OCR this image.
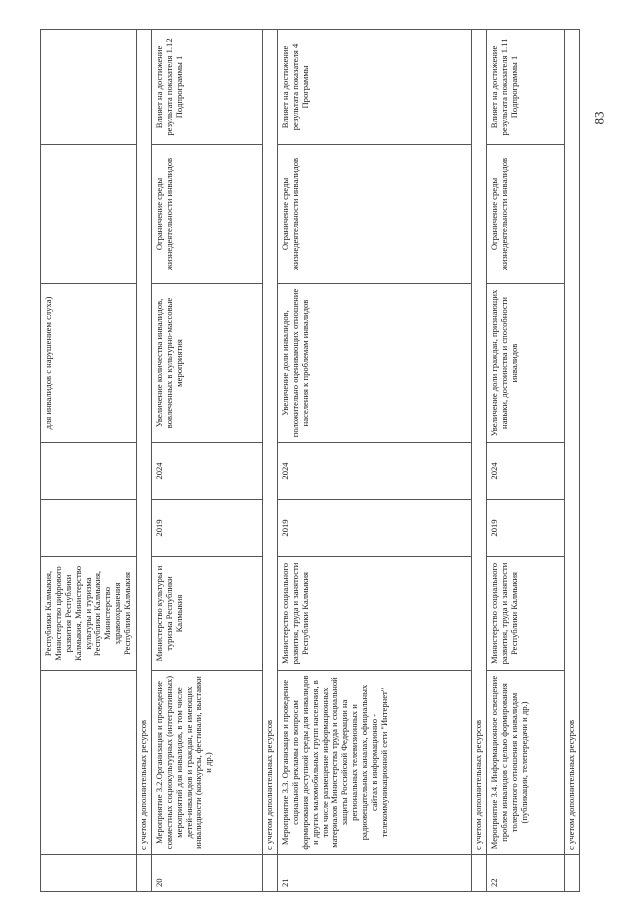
83
		Республики Калмыкия, Министерство цифрового развития Республики Калмыкия, Министерство культуры и туризма Республики Калмыкия, Министерство здравоохранения Республики Калмыкия			для инвалидов с нарушением слуха)		
	с учетом дополнительных ресурсов						
20	Мероприятие 3.2.Организация и проведение совместных социокультурных (интегративных) мероприятий для инвалидов, в том числе детей-инвалидов и граждан, не имеющих инвалидности (конкурсы, фестивали, выставки и др.)	Министерство культуры и туризма Республики Калмыкия	2019	2024	Увеличение количества инвалидов, вовлеченных в культурно-массовые мероприятия	Ограничение среды жизнедеятельности инвалидов	Влияет на достижение результата показателя 1.12 Подпрограммы 1
	с учетом дополнительных ресурсов						
21	Мероприятие 3.3. Организация и проведение социальной рекламы по вопросам формирования доступной среды для инвалидов и других маломобильных групп населения, в том числе размещение информационных материалов Министерства труда и социальной защиты Российской Федерации на региональных телевизионных и радиовещательных каналах, официальных сайтах в информационно - телекоммуникационной сети "Интернет"	Министерство социального развития, труда и занятости Республики Калмыкия	2019	2024	Увеличение доли инвалидов, положительно оценивающих отношение населения к проблемам инвалидов	Ограничение среды жизнедеятельности инвалидов	Влияет на достижение результата показателя 4 Программы
	с учетом дополнительных ресурсов						
22	Мероприятие 3.4. Информационное освещение проблем инвалидов с целью формирования толерантного отношения к инвалидам (публикации, телепередачи и др.)	Министерство социального развития, труда и занятости Республики Калмыкия	2019	2024	Увеличение доли граждан, признающих навыки, достоинства и способности инвалидов	Ограничение среды жизнедеятельности инвалидов	Влияет на достижение результата показателя 1.11 Подпрограммы 1
	с учетом дополнительных ресурсов						
